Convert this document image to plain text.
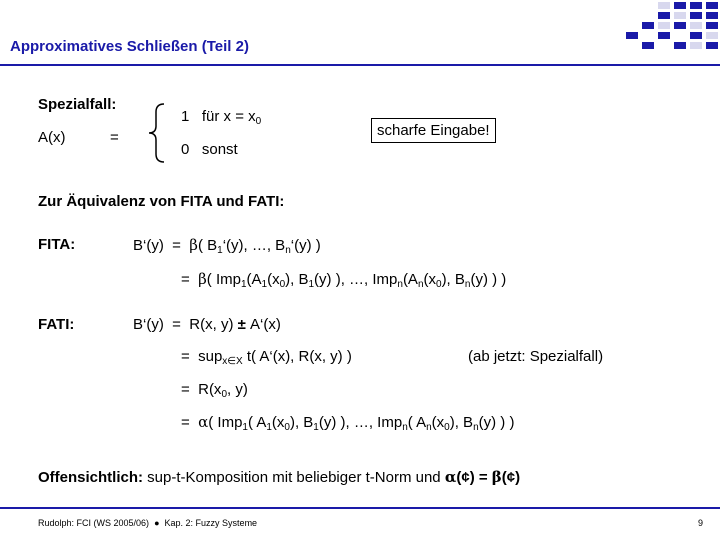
Approximatives Schließen (Teil 2)
Spezialfall:
A(x)	=
1 für $x = x_0$
0 sonst
scharfe Eingabe!
Zur Äquivalenz von FITA und FATI:
FITA:	B‘(y) = β( $B_1‘(y)$, …, $B_n‘(y)$ )
= β( $Imp_1(A_1(x_0)$, $B_1(y)$ ), …, $Imp_n(A_n(x_0)$, $B_n(y)$ ) )
FATI:	B‘(y) = R(x, y) ± A‘(x)
= sup$_{x\in X}$ t( A‘(x), R(x, y) )	(ab jetzt: Spezialfall)
= $R(x_0$, y)
= α( Imp$_1$( $A_1(x_0)$, $B_1(y)$ ), …, Imp$_n$( $A_n(x_0)$, $B_n(y)$ ) )
Offensichtlich: sup-t-Komposition mit beliebiger t-Norm und α(¢) = β(¢)
Rudolph: FCI (WS 2005/06) ● Kap. 2: Fuzzy Systeme	9
